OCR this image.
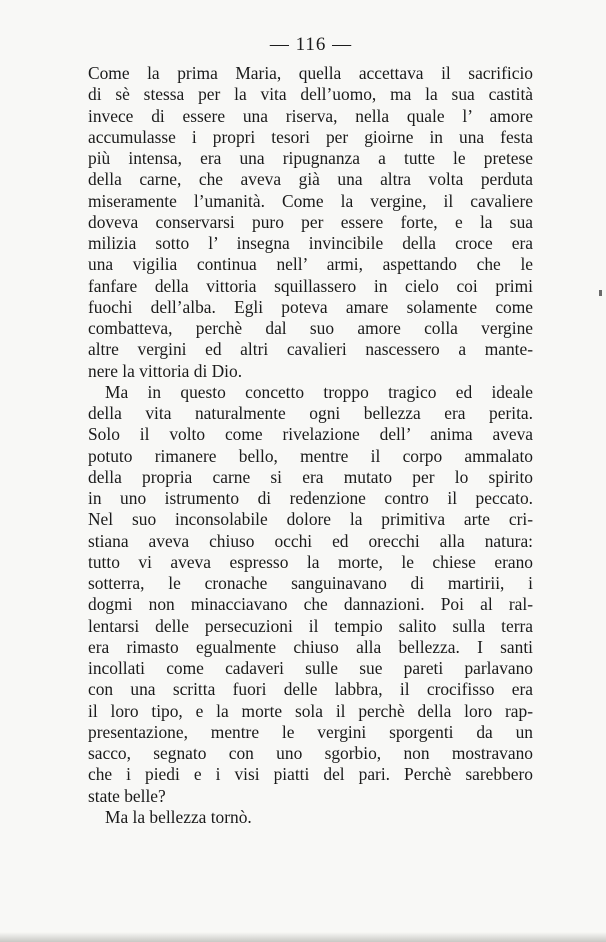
— 116 —
Come la prima Maria, quella accettava il sacrificio
di sè stessa per la vita dell’uomo, ma la sua castità
invece di essere una riserva, nella quale l’ amore
accumulasse i propri tesori per gioirne in una festa
più intensa, era una ripugnanza a tutte le pretese
della carne, che aveva già una altra volta perduta
miseramente l’umanità. Come la vergine, il cavaliere
doveva conservarsi puro per essere forte, e la sua
milizia sotto l’ insegna invincibile della croce era
una vigilia continua nell’ armi, aspettando che le
fanfare della vittoria squillassero in cielo coi primi
fuochi dell’alba. Egli poteva amare solamente come
combatteva, perchè dal suo amore colla vergine
altre vergini ed altri cavalieri nascessero a mante-
nere la vittoria di Dio.
Ma in questo concetto troppo tragico ed ideale
della vita naturalmente ogni bellezza era perita.
Solo il volto come rivelazione dell’ anima aveva
potuto rimanere bello, mentre il corpo ammalato
della propria carne si era mutato per lo spirito
in uno istrumento di redenzione contro il peccato.
Nel suo inconsolabile dolore la primitiva arte cri-
stiana aveva chiuso occhi ed orecchi alla natura:
tutto vi aveva espresso la morte, le chiese erano
sotterra, le cronache sanguinavano di martirii, i
dogmi non minacciavano che dannazioni. Poi al ral-
lentarsi delle persecuzioni il tempio salito sulla terra
era rimasto egualmente chiuso alla bellezza. I santi
incollati come cadaveri sulle sue pareti parlavano
con una scritta fuori delle labbra, il crocifisso era
il loro tipo, e la morte sola il perchè della loro rap-
presentazione, mentre le vergini sporgenti da un
sacco, segnato con uno sgorbio, non mostravano
che i piedi e i visi piatti del pari. Perchè sarebbero
state belle?
Ma la bellezza tornò.
